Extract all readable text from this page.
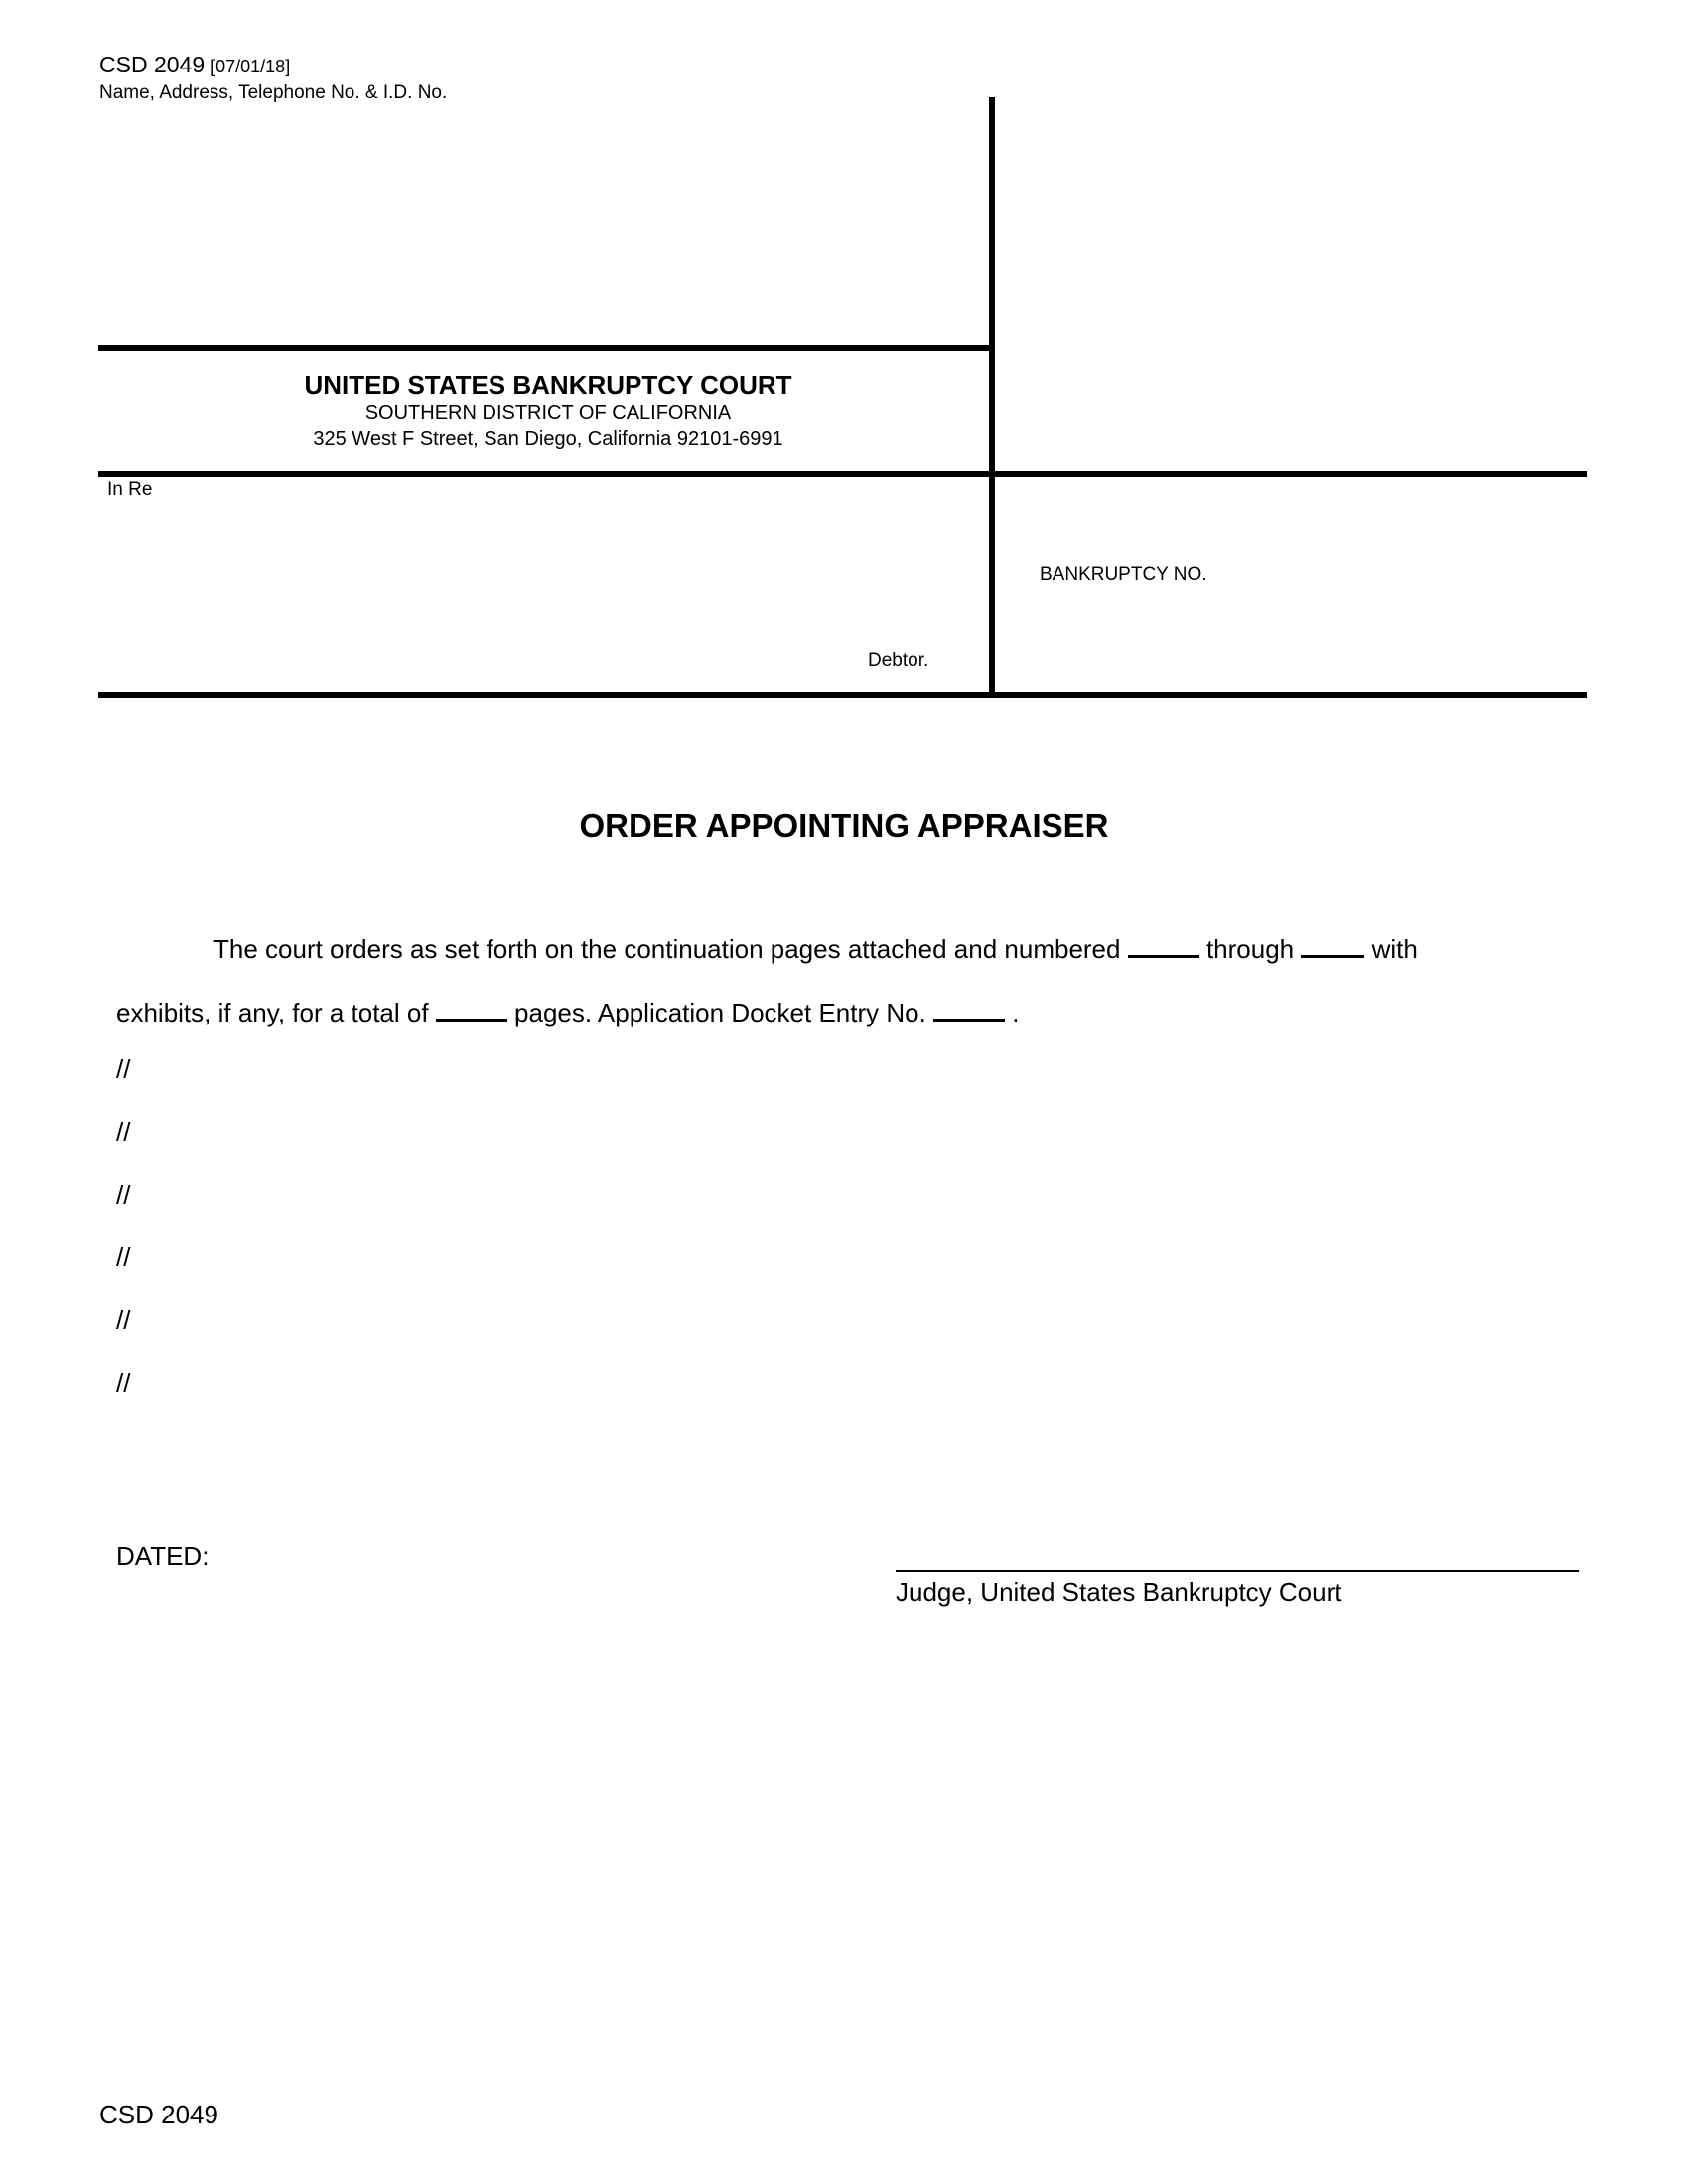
CSD 2049 [07/01/18]
Name, Address, Telephone No. & I.D. No.
UNITED STATES BANKRUPTCY COURT
SOUTHERN DISTRICT OF CALIFORNIA
325 West F Street, San Diego, California 92101-6991
In Re
Debtor.
BANKRUPTCY NO.
ORDER APPOINTING APPRAISER
The court orders as set forth on the continuation pages attached and numbered	through	with
exhibits, if any, for a total of	pages. Application Docket Entry No.	.
//
//
//
//
//
//
DATED:
Judge, United States Bankruptcy Court
CSD 2049
